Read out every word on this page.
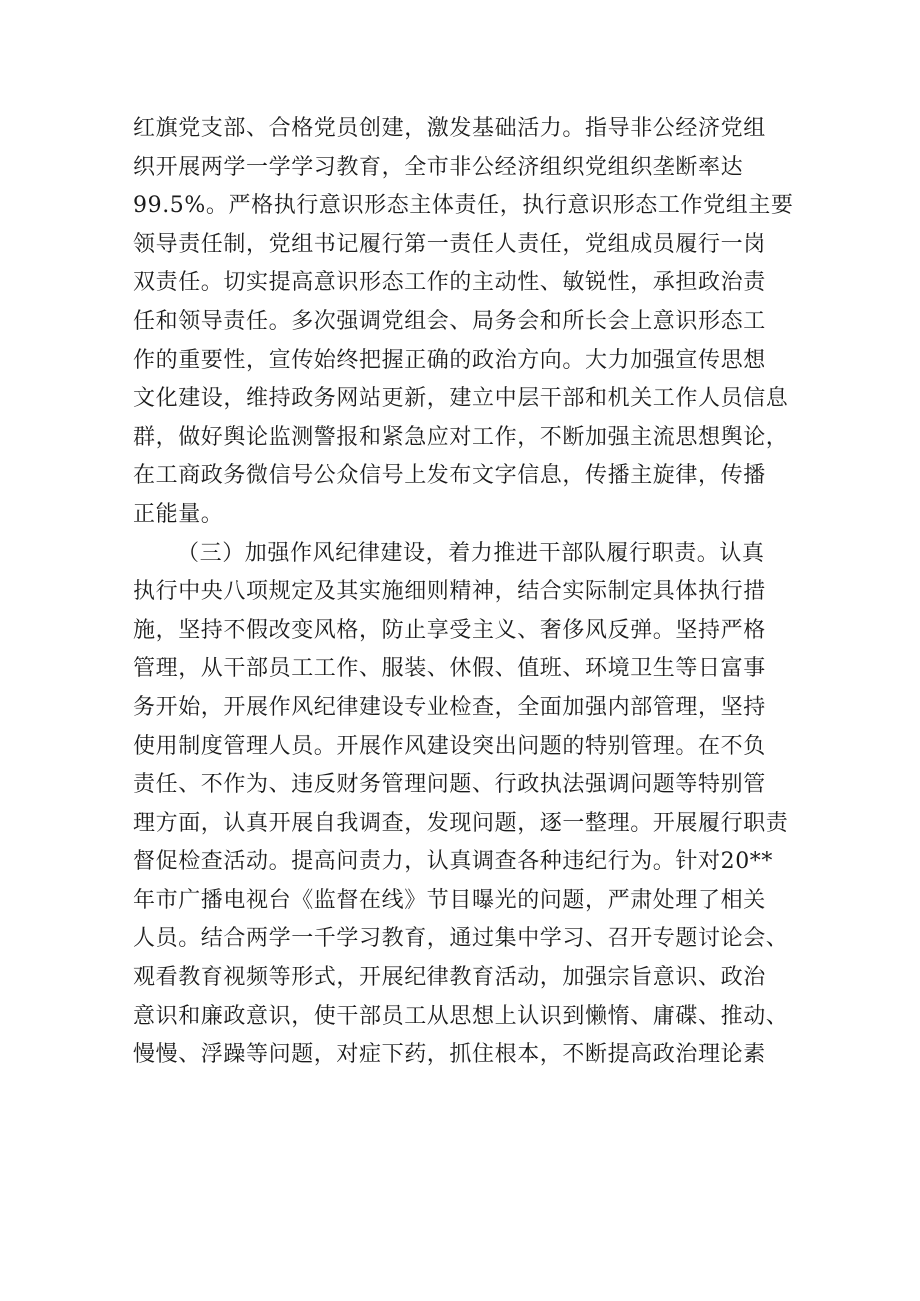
红旗党支部、合格党员创建，激发基础活力。指导非公经济党组
织开展两学一学学习教育，全市非公经济组织党组织垄断率达
99.5%。严格执行意识形态主体责任，执行意识形态工作党组主要
领导责任制，党组书记履行第一责任人责任，党组成员履行一岗
双责任。切实提高意识形态工作的主动性、敏锐性，承担政治责
任和领导责任。多次强调党组会、局务会和所长会上意识形态工
作的重要性，宣传始终把握正确的政治方向。大力加强宣传思想
文化建设，维持政务网站更新，建立中层干部和机关工作人员信息
群，做好舆论监测警报和紧急应对工作，不断加强主流思想舆论，
在工商政务微信号公众信号上发布文字信息，传播主旋律，传播
正能量。
（三）加强作风纪律建设，着力推进干部队履行职责。认真
执行中央八项规定及其实施细则精神，结合实际制定具体执行措
施，坚持不假改变风格，防止享受主义、奢侈风反弹。坚持严格
管理，从干部员工工作、服装、休假、值班、环境卫生等日富事
务开始，开展作风纪律建设专业检查，全面加强内部管理，坚持
使用制度管理人员。开展作风建设突出问题的特别管理。在不负
责任、不作为、违反财务管理问题、行政执法强调问题等特别管
理方面，认真开展自我调查，发现问题，逐一整理。开展履行职责
督促检查活动。提高问责力，认真调查各种违纪行为。针对20**
年市广播电视台《监督在线》节目曝光的问题，严肃处理了相关
人员。结合两学一千学习教育，通过集中学习、召开专题讨论会、
观看教育视频等形式，开展纪律教育活动，加强宗旨意识、政治
意识和廉政意识，使干部员工从思想上认识到懒惰、庸碟、推动、
慢慢、浮躁等问题，对症下药，抓住根本，不断提高政治理论素
